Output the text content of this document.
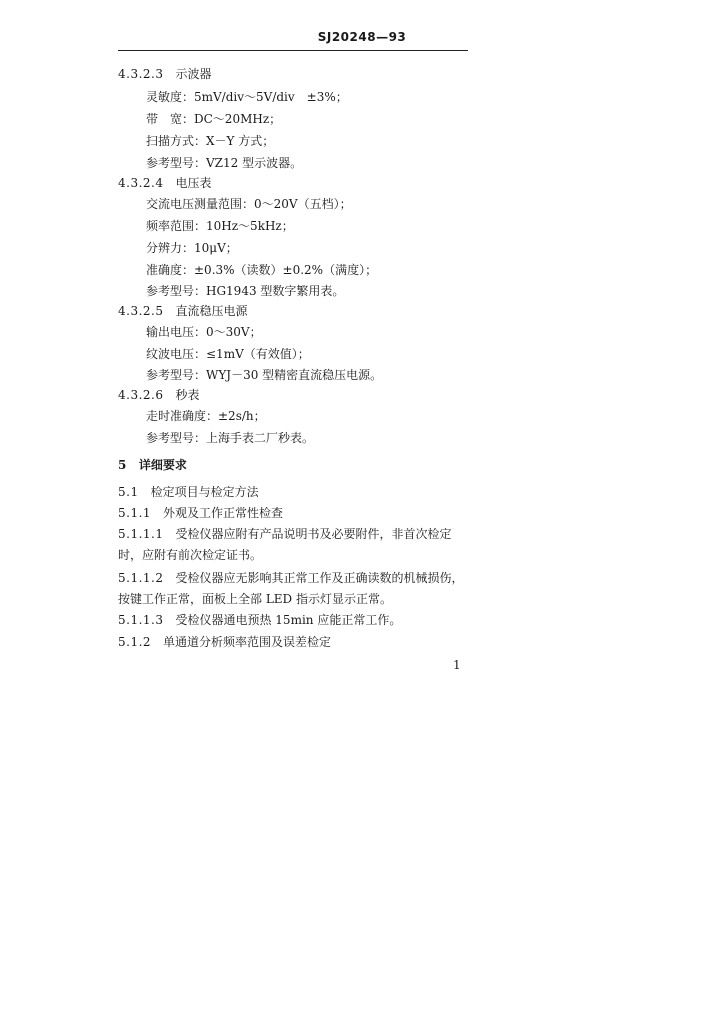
SJ20248—93
4.3.2.3 示波器
灵敏度：5mV/div～5V/div　±3%；
带　宽：DC～20MHz；
扫描方式：X－Y 方式；
参考型号：VZ12 型示波器。
4.3.2.4 电压表
交流电压测量范围：0～20V（五档）；
频率范围：10Hz～5kHz；
分辨力：10μV；
准确度：±0.3%（读数）±0.2%（满度）；
参考型号：HG1943 型数字繁用表。
4.3.2.5 直流稳压电源
输出电压：0～30V；
纹波电压：≤1mV（有效值）；
参考型号：WYJ－30 型精密直流稳压电源。
4.3.2.6 秒表
走时准确度：±2s/h；
参考型号：上海手表二厂秒表。
5 详细要求
5.1 检定项目与检定方法
5.1.1 外观及工作正常性检查
5.1.1.1 受检仪器应附有产品说明书及必要附件，非首次检定
时，应附有前次检定证书。
5.1.1.2 受检仪器应无影响其正常工作及正确读数的机械损伤，
按键工作正常，面板上全部 LED 指示灯显示正常。
5.1.1.3 受检仪器通电预热 15min 应能正常工作。
5.1.2 单通道分析频率范围及误差检定
1
